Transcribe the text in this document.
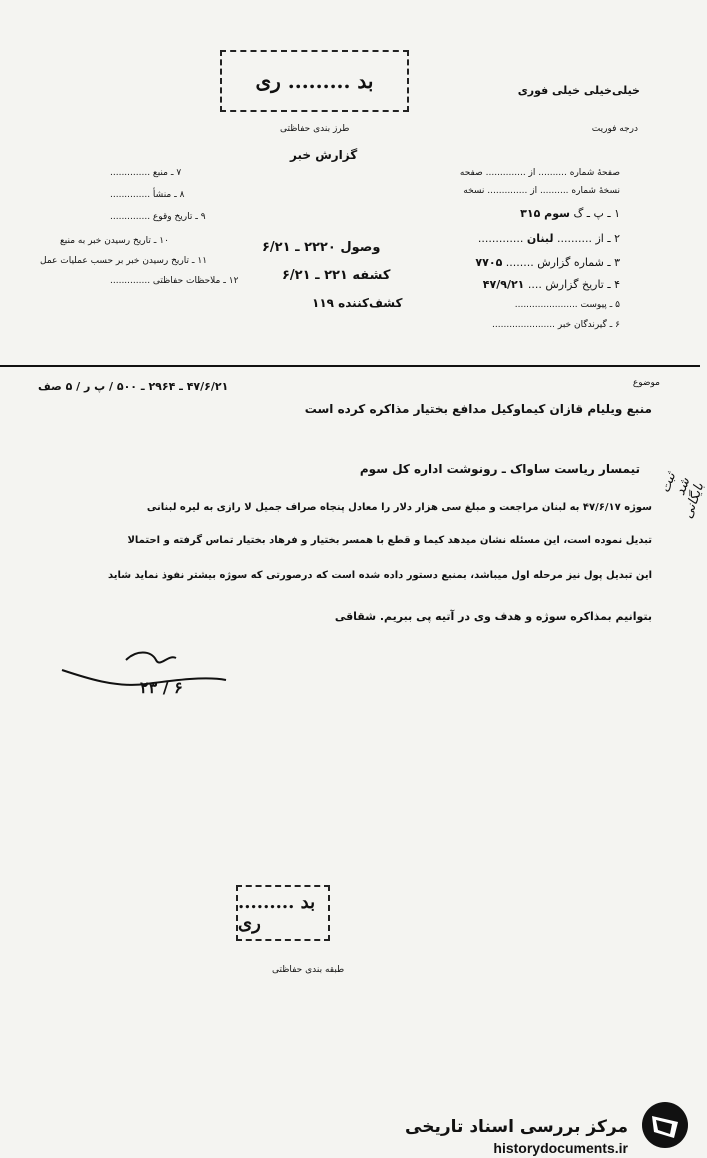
بد ......... ری	خیلی‌خیلی خیلی فوری
درجه فوریت
طرز بندی حفاظتی
گزارش خبر
صفحهٔ شماره .......... از .............. صفحه
نسخهٔ شماره .......... از .............. نسخه
۱ ـ پ ـ گ سوم ۳۱۵
۲ ـ از .......... لبنان .............
۳ ـ شماره گزارش ........ ۷۷۰۵
۴ ـ تاریخ گزارش .... ۴۷/۹/۲۱
۵ ـ پیوست ......................
۶ ـ گیرندگان خبر ......................
۷ ـ منبع ..............
۸ ـ منشأ ..............
۹ ـ تاریخ وقوع ..............
۱۰ ـ تاریخ رسیدن خبر به منبع
۱۱ ـ تاریخ رسیدن خبر بر حسب عملیات عمل
۱۲ ـ ملاحظات حفاظتی ..............
وصول ۲۲۲۰ ـ ۶/۲۱
کشفه ۲۲۱ ـ ۶/۲۱
کشف‌کننده ۱۱۹
موضوع
۴۷/۶/۲۱ ـ ۲۹۶۴ ـ ۵۰۰ / پ ر / ۵ صف
منبع ویلیام قازان کیماوکیل مدافع بختیار مذاکره کرده است
ثبت شد بایگانی
تیمسار ریاست ساواک ـ رونوشت اداره کل سوم
سوژه ۴۷/۶/۱۷ به لبنان مراجعت و مبلغ سی هزار دلار را معادل پنجاه صراف جمیل لا رازی به لیره لبنانی
تبدیل نموده است، این مسئله نشان میدهد کیما و قطع با همسر بختیار و فرهاد بختیار تماس گرفته و احتمالا
این تبدیل پول نیز مرحله اول میباشد، بمنبع دستور داده شده است که درصورتی که سوژه بیشتر نفوذ نماید شاید
بتوانیم بمذاکره سوژه و هدف وی در آتیه پی ببریم. شقاقی
۲۳ / ۶
بد ......... ری
طبقه بندی حفاظتی
مرکز بررسی اسناد تاریخی
historydocuments.ir
